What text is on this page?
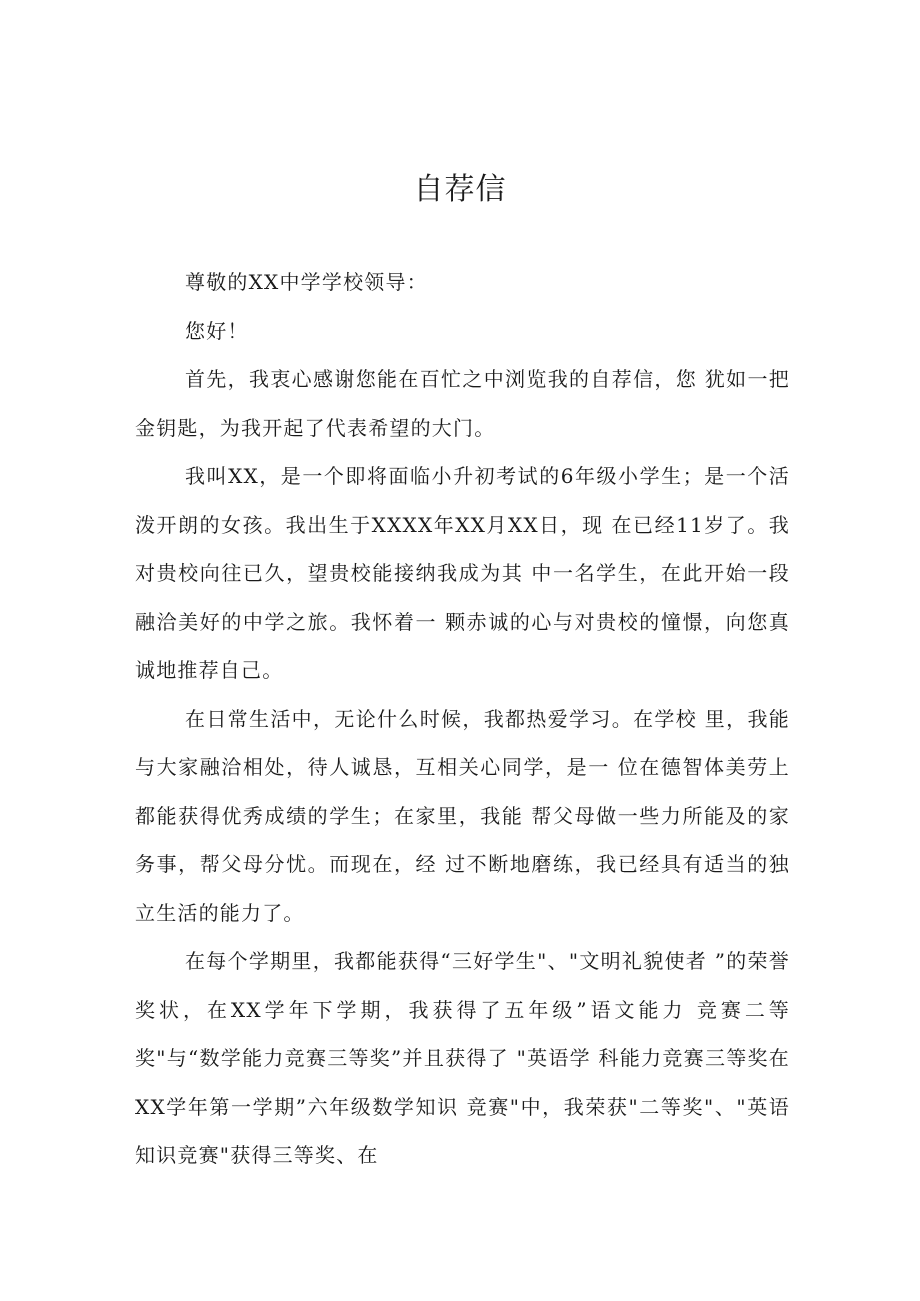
自荐信

尊敬的XX中学学校领导：

您好！

首先，我衷心感谢您能在百忙之中浏览我的自荐信，您 犹如一把金钥匙，为我开起了代表希望的大门。

我叫XX，是一个即将面临小升初考试的6年级小学生；是一个活泼开朗的女孩。我出生于XXXX年XX月XX日，现 在已经11岁了。我对贵校向往已久，望贵校能接纳我成为其 中一名学生，在此开始一段融洽美好的中学之旅。我怀着一 颗赤诚的心与对贵校的憧憬，向您真诚地推荐自己。

在日常生活中，无论什么时候，我都热爱学习。在学校 里，我能与大家融洽相处，待人诚恳，互相关心同学，是一 位在德智体美劳上都能获得优秀成绩的学生；在家里，我能 帮父母做一些力所能及的家务事，帮父母分忧。而现在，经 过不断地磨练，我已经具有适当的独立生活的能力了。

在每个学期里，我都能获得“三好学生"、"文明礼貌使者 ”的荣誉奖状，在XX学年下学期，我获得了五年级”语文能力 竞赛二等奖"与“数学能力竞赛三等奖”并且获得了 "英语学 科能力竞赛三等奖在XX学年第一学期”六年级数学知识 竞赛"中，我荣获"二等奖"、"英语知识竞赛"获得三等奖、在
